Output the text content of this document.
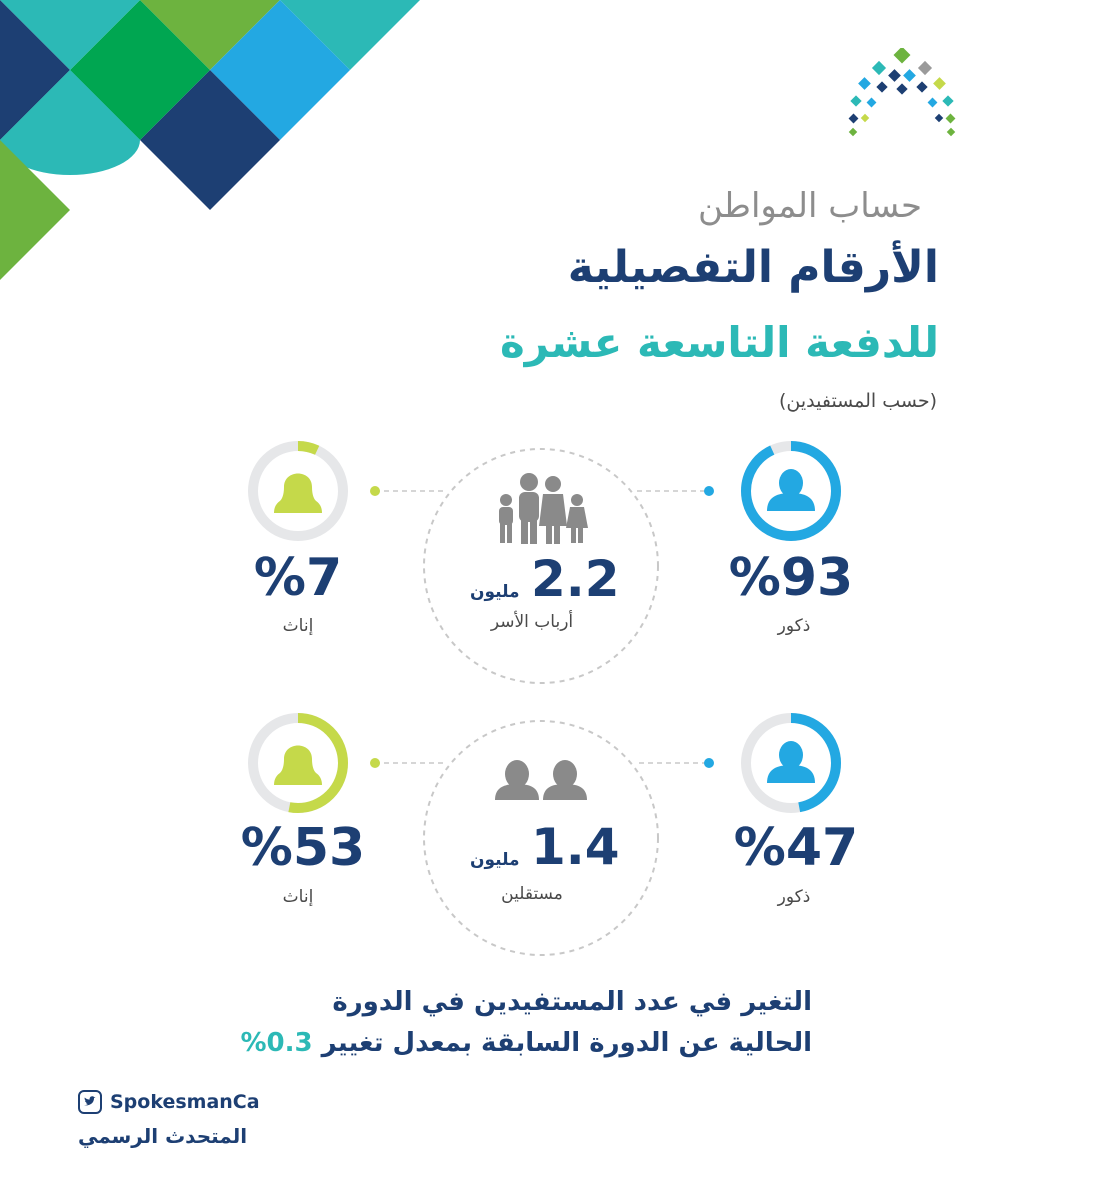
حساب المواطن
الأرقام التفصيلية
للدفعة التاسعة عشرة
(حسب المستفيدين)
%93
ذكور
%7
إناث
2.2
مليون
أرباب الأسر
%47
ذكور
%53
إناث
1.4
مليون
مستقلين
التغير في عدد المستفيدين في الدورة
الحالية عن الدورة السابقة بمعدل تغيير %0.3
SpokesmanCa
المتحدث الرسمي
